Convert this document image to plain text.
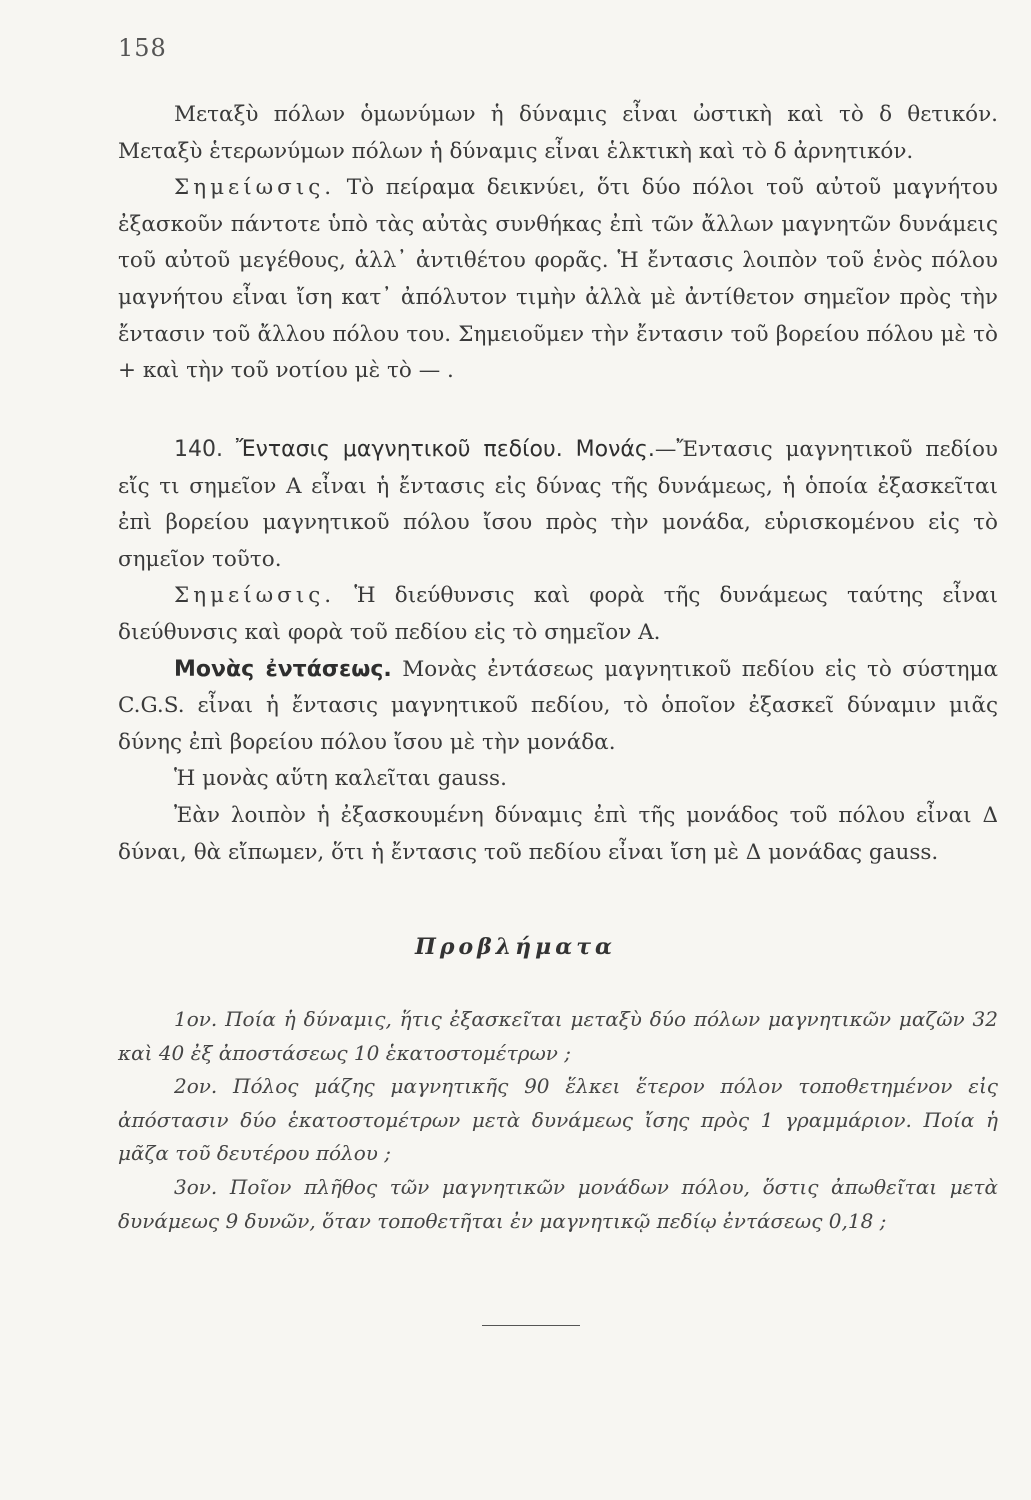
158

Μεταξὺ πόλων ὁμωνύμων ἡ δύναμις εἶναι ὠστικὴ καὶ τὸ δ θετικόν. Μεταξὺ ἑτερωνύμων πόλων ἡ δύναμις εἶναι ἑλκτικὴ καὶ τὸ δ ἀρνητικόν.

Σημείωσις. Τὸ πείραμα δεικνύει, ὅτι δύο πόλοι τοῦ αὐτοῦ μαγνήτου ἐξασκοῦν πάντοτε ὑπὸ τὰς αὐτὰς συνθήκας ἐπὶ τῶν ἄλλων μαγνητῶν δυνάμεις τοῦ αὐτοῦ μεγέθους, ἀλλ᾽ ἀντιθέτου φορᾶς. Ἡ ἔντασις λοιπὸν τοῦ ἑνὸς πόλου μαγνήτου εἶναι ἴση κατ᾽ ἀπόλυτον τιμὴν ἀλλὰ μὲ ἀντίθετον σημεῖον πρὸς τὴν ἔντασιν τοῦ ἄλλου πόλου του. Σημειοῦμεν τὴν ἔντασιν τοῦ βορείου πόλου μὲ τὸ + καὶ τὴν τοῦ νοτίου μὲ τὸ — .

140. Ἔντασις μαγνητικοῦ πεδίου. Μονάς.—Ἔντασις μαγνητικοῦ πεδίου εἴς τι σημεῖον Α εἶναι ἡ ἔντασις εἰς δύνας τῆς δυνάμεως, ἡ ὁποία ἐξασκεῖται ἐπὶ βορείου μαγνητικοῦ πόλου ἴσου πρὸς τὴν μονάδα, εὑρισκομένου εἰς τὸ σημεῖον τοῦτο.

Σημείωσις. Ἡ διεύθυνσις καὶ φορὰ τῆς δυνάμεως ταύτης εἶναι διεύθυνσις καὶ φορὰ τοῦ πεδίου εἰς τὸ σημεῖον Α.

Μονὰς ἐντάσεως. Μονὰς ἐντάσεως μαγνητικοῦ πεδίου εἰς τὸ σύστημα C.G.S. εἶναι ἡ ἔντασις μαγνητικοῦ πεδίου, τὸ ὁποῖον ἐξασκεῖ δύναμιν μιᾶς δύνης ἐπὶ βορείου πόλου ἴσου μὲ τὴν μονάδα.

Ἡ μονὰς αὕτη καλεῖται gauss.

Ἐὰν λοιπὸν ἡ ἐξασκουμένη δύναμις ἐπὶ τῆς μονάδος τοῦ πόλου εἶναι Δ δύναι, θὰ εἴπωμεν, ὅτι ἡ ἔντασις τοῦ πεδίου εἶναι ἴση μὲ Δ μονάδας gauss.

Προβλήματα

1ον. Ποία ἡ δύναμις, ἥτις ἐξασκεῖται μεταξὺ δύο πόλων μαγνητικῶν μαζῶν 32 καὶ 40 ἐξ ἀποστάσεως 10 ἑκατοστομέτρων ;

2ον. Πόλος μάζης μαγνητικῆς 90 ἕλκει ἕτερον πόλον τοποθετημένον εἰς ἀπόστασιν δύο ἑκατοστομέτρων μετὰ δυνάμεως ἴσης πρὸς 1 γραμμάριον. Ποία ἡ μᾶζα τοῦ δευτέρου πόλου ;

3ον. Ποῖον πλῆθος τῶν μαγνητικῶν μονάδων πόλου, ὅστις ἀπωθεῖται μετὰ δυνάμεως 9 δυνῶν, ὅταν τοποθετῆται ἐν μαγνητικῷ πεδίῳ ἐντάσεως 0,18 ;
